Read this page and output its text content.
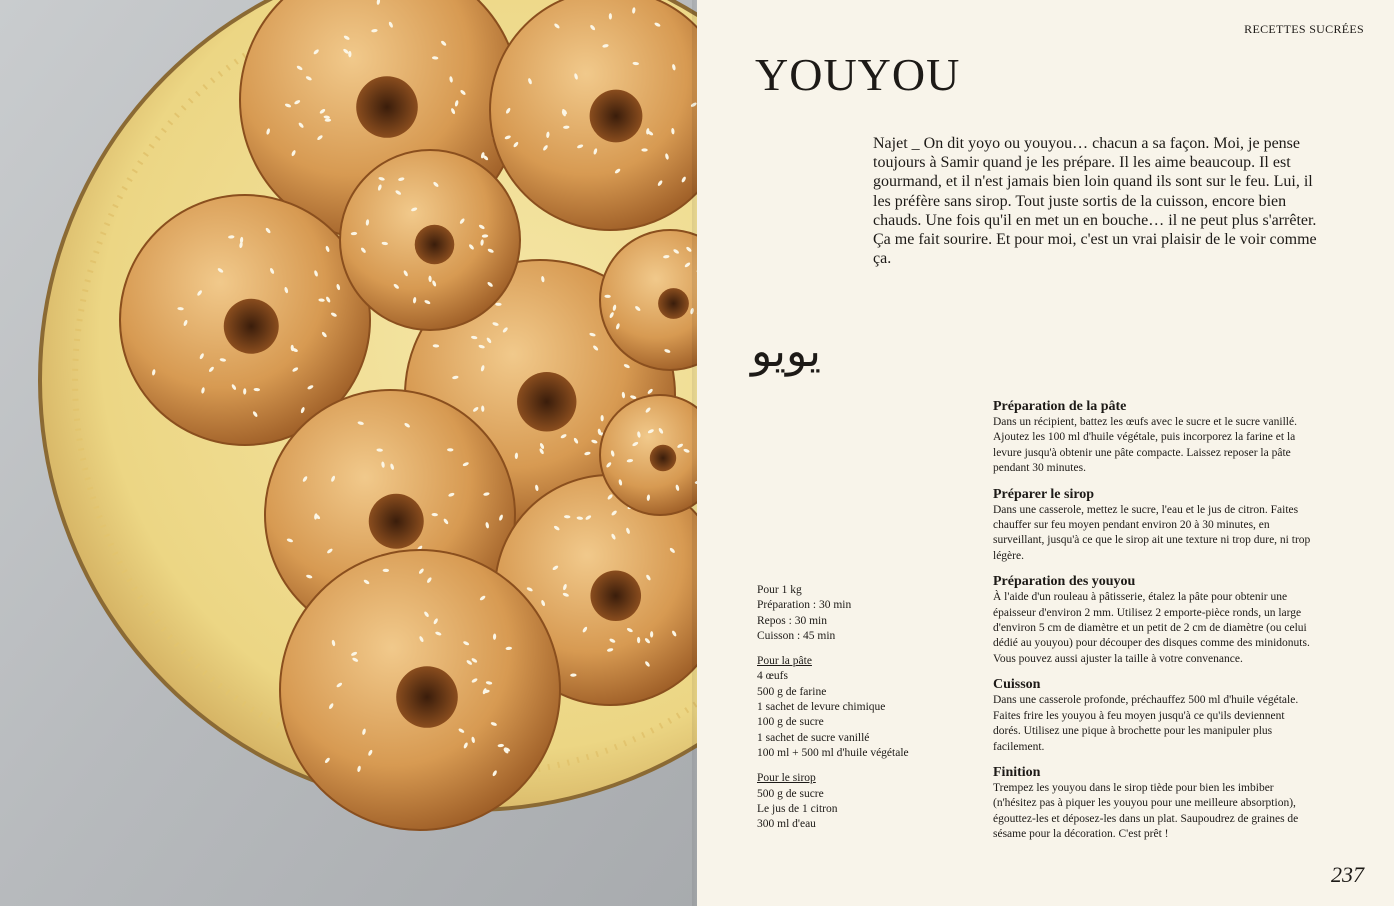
RECETTES SUCRÉES
YOUYOU

Najet _ On dit yoyo ou youyou… chacun a sa façon. Moi, je pense toujours à Samir quand je les prépare. Il les aime beaucoup. Il est gourmand, et il n'est jamais bien loin quand ils sont sur le feu. Lui, il les préfère sans sirop. Tout juste sortis de la cuisson, encore bien chauds. Une fois qu'il en met un en bouche… il ne peut plus s'arrêter. Ça me fait sourire. Et pour moi, c'est un vrai plaisir de le voir comme ça.

يويو
Pour 1 kg
Préparation : 30 min
Repos : 30 min
Cuisson : 45 min
Pour la pâte
4 œufs
500 g de farine
1 sachet de levure chimique
100 g de sucre
1 sachet de sucre vanillé
100 ml + 500 ml d'huile végétale
Pour le sirop
500 g de sucre
Le jus de 1 citron
300 ml d'eau
Préparation de la pâte
Dans un récipient, battez les œufs avec le sucre et le sucre vanillé. Ajoutez les 100 ml d'huile végétale, puis incorporez la farine et la levure jusqu'à obtenir une pâte compacte. Laissez reposer la pâte pendant 30 minutes.
Préparer le sirop
Dans une casserole, mettez le sucre, l'eau et le jus de citron. Faites chauffer sur feu moyen pendant environ 20 à 30 minutes, en surveillant, jusqu'à ce que le sirop ait une texture ni trop dure, ni trop légère.
Préparation des youyou
À l'aide d'un rouleau à pâtisserie, étalez la pâte pour obtenir une épaisseur d'environ 2 mm. Utilisez 2 emporte-pièce ronds, un large d'environ 5 cm de diamètre et un petit de 2 cm de diamètre (ou celui dédié au youyou) pour découper des disques comme des minidonuts. Vous pouvez aussi ajuster la taille à votre convenance.
Cuisson
Dans une casserole profonde, préchauffez 500 ml d'huile végétale. Faites frire les youyou à feu moyen jusqu'à ce qu'ils deviennent dorés. Utilisez une pique à brochette pour les manipuler plus facilement.
Finition
Trempez les youyou dans le sirop tiède pour bien les imbiber (n'hésitez pas à piquer les youyou pour une meilleure absorption), égouttez-les et déposez-les dans un plat. Saupoudrez de graines de sésame pour la décoration. C'est prêt !
237
